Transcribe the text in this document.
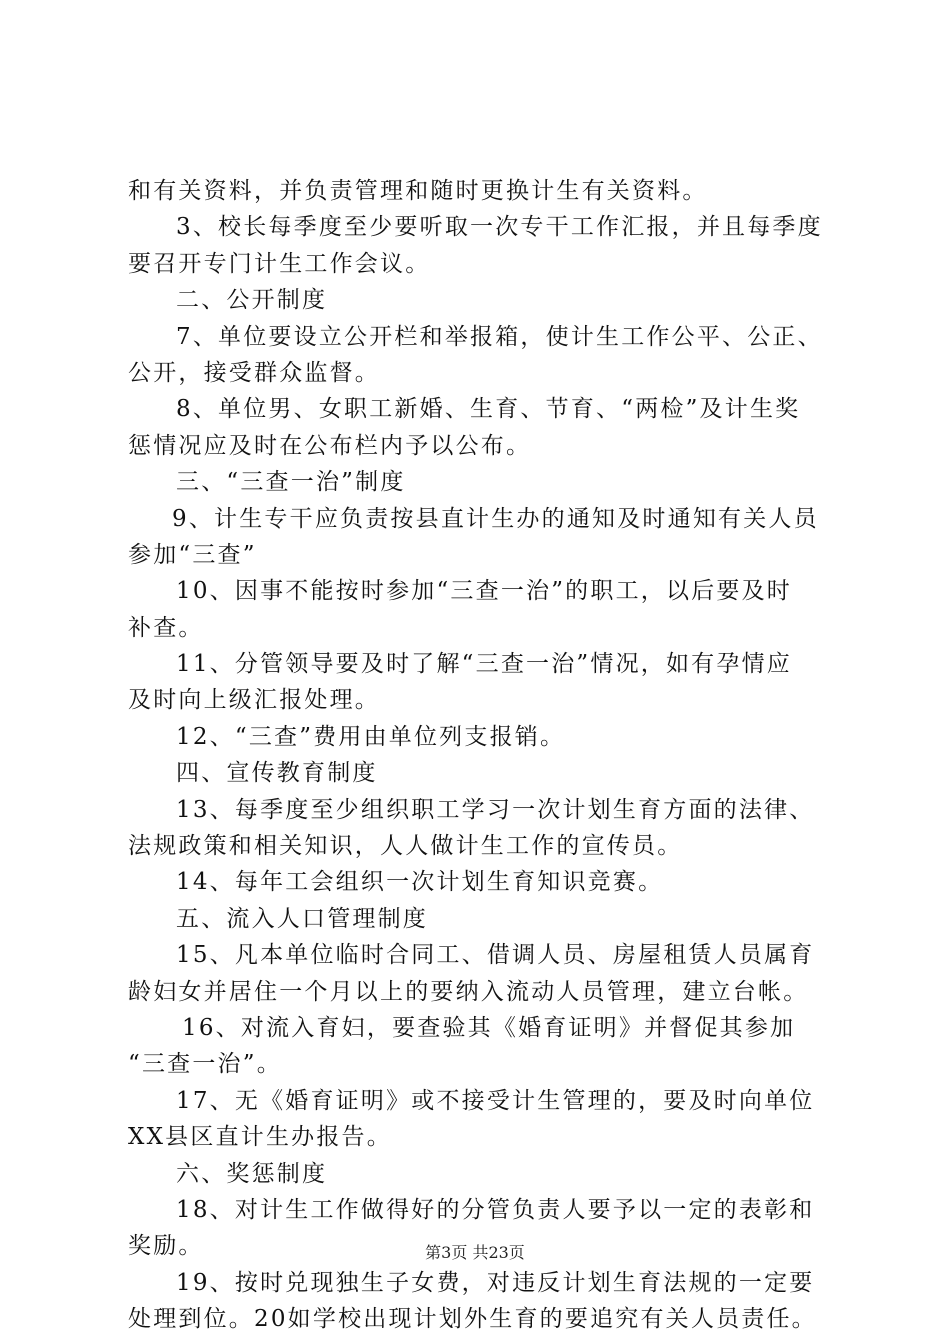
和有关资料，并负责管理和随时更换计生有关资料。
3、校长每季度至少要听取一次专干工作汇报，并且每季度
要召开专门计生工作会议。
二、公开制度
7、单位要设立公开栏和举报箱，使计生工作公平、公正、
公开，接受群众监督。
8、单位男、女职工新婚、生育、节育、“两检”及计生奖
惩情况应及时在公布栏内予以公布。
三、“三查一治”制度
9、计生专干应负责按县直计生办的通知及时通知有关人员
参加“三查”
10、因事不能按时参加“三查一治”的职工，以后要及时
补查。
11、分管领导要及时了解“三查一治”情况，如有孕情应
及时向上级汇报处理。
12、“三查”费用由单位列支报销。
四、宣传教育制度
13、每季度至少组织职工学习一次计划生育方面的法律、
法规政策和相关知识，人人做计生工作的宣传员。
14、每年工会组织一次计划生育知识竞赛。
五、流入人口管理制度
15、凡本单位临时合同工、借调人员、房屋租赁人员属育
龄妇女并居住一个月以上的要纳入流动人员管理，建立台帐。
16、对流入育妇，要查验其《婚育证明》并督促其参加
“三查一治”。
17、无《婚育证明》或不接受计生管理的，要及时向单位
XX县区直计生办报告。
六、奖惩制度
18、对计生工作做得好的分管负责人要予以一定的表彰和
奖励。
19、按时兑现独生子女费，对违反计划生育法规的一定要
处理到位。20如学校出现计划外生育的要追究有关人员责任。
第3页 共23页
